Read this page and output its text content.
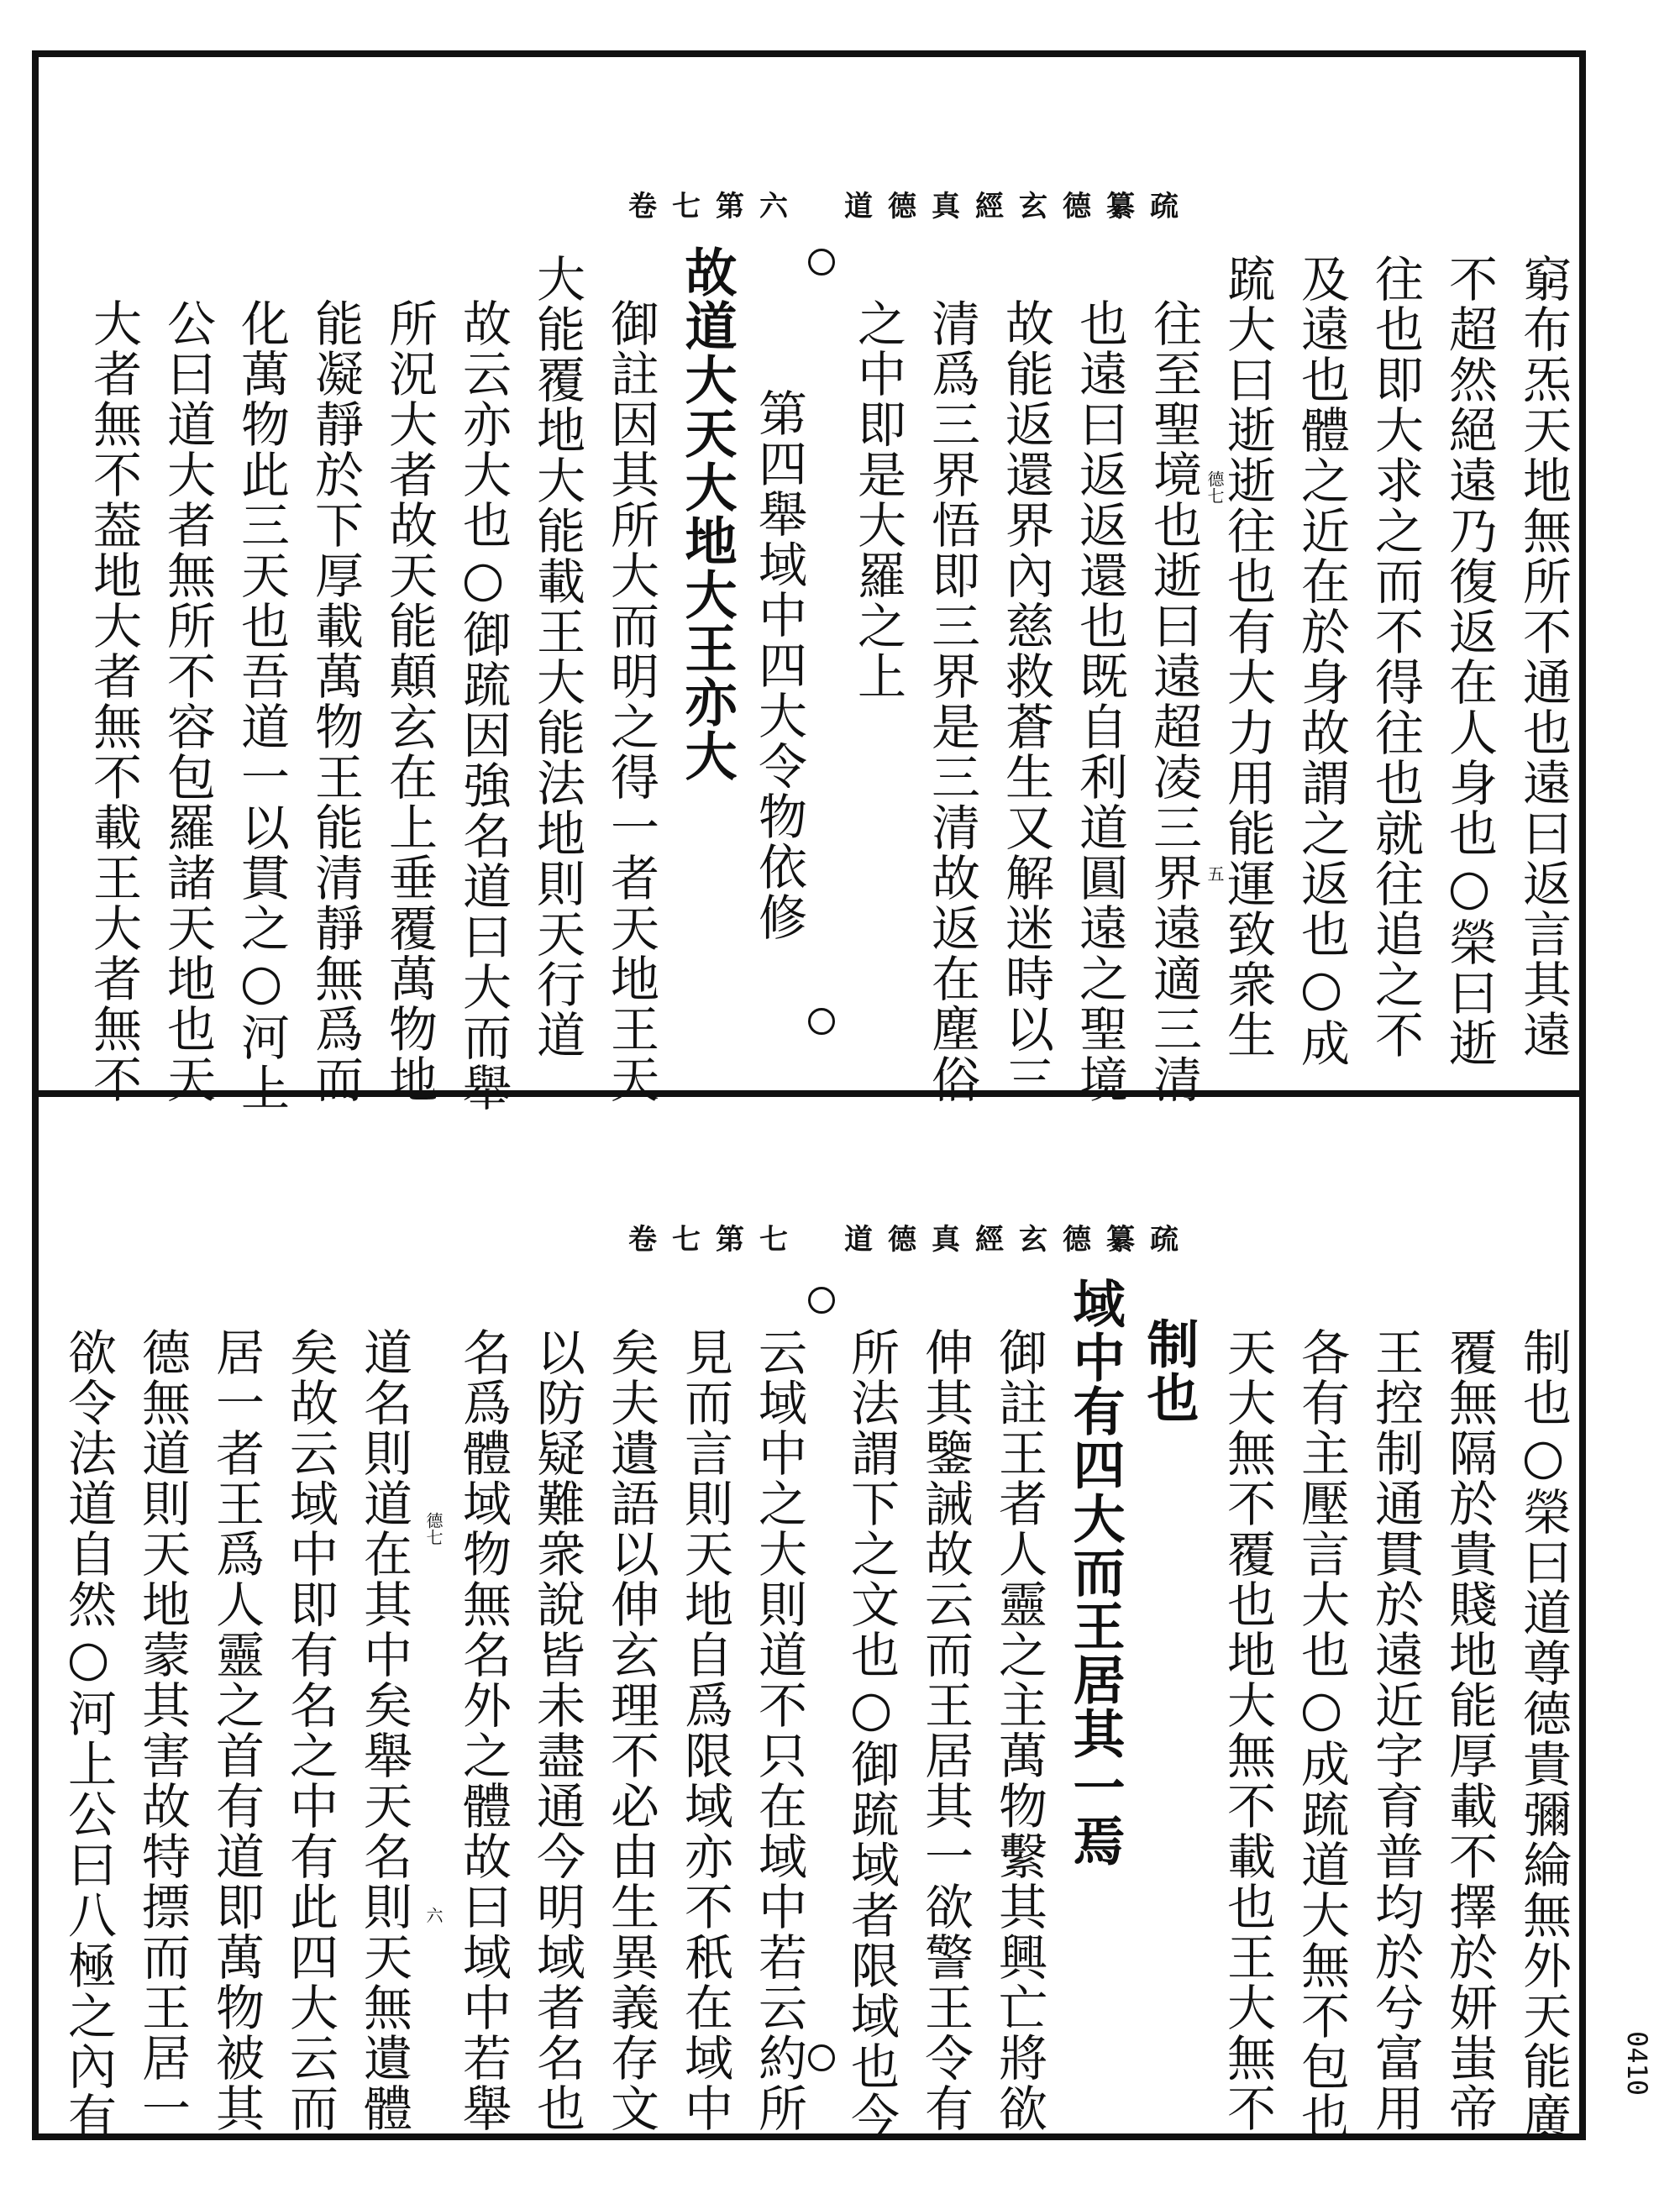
道德真經玄德纂疏
卷七第六
窮布炁天地無所不通也遠曰返言其遠
不超然絕遠乃復返在人身也○榮曰逝
往也即大求之而不得往也就往追之不
及遠也體之近在於身故謂之返也○成
䟽大曰逝逝往也有大力用能運致衆生
往至聖境也逝曰遠超凌三界遠適三清
也遠曰返返還也既自利道圓遠之聖境
故能返還界內慈救蒼生又解迷時以三
清爲三界悟即三界是三清故返在塵俗
之中即是大羅之上
第四舉域中四大令物依修
故道大天大地大王亦大
御註因其所大而明之得一者天地王天
大能覆地大能載王大能法地則天行道
故云亦大也○御䟽因強名道曰大而舉
所況大者故天能顛玄在上垂覆萬物地
能凝靜於下厚載萬物王能清靜無爲而
化萬物此三天也吾道一以貫之○河上
公曰道大者無所不容包羅諸天地也天
大者無不葢地大者無不載王大者無不	德七
五
道德真經玄德纂疏
卷七第七
制也○榮曰道尊德貴彌綸無外天能廣
覆無隔於貴賤地能厚載不擇於妍蚩帝
王控制通貫於遠近字育普均於兮富用
各有主壓言大也○成䟽道大無不包也
天大無不覆也地大無不載也王大無不
制也
域中有四大而王居其一焉
御註王者人靈之主萬物繫其興亡將欲
伸其鑒誡故云而王居其一欲警王令有
所法謂下之文也○御䟽域者限域也今
云域中之大則道不只在域中若云約所
見而言則天地自爲限域亦不秖在域中
矣夫遺語以伸玄理不必由生異義存文
以防疑難衆說皆未盡通今明域者名也
名爲體域物無名外之體故曰域中若舉
道名則道在其中矣舉天名則天無遺體
矣故云域中即有名之中有此四大云而
居一者王爲人靈之首有道即萬物被其
德無道則天地蒙其害故特摽而王居一
欲令法道自然○河上公曰八極之內有	德七
六
0410
